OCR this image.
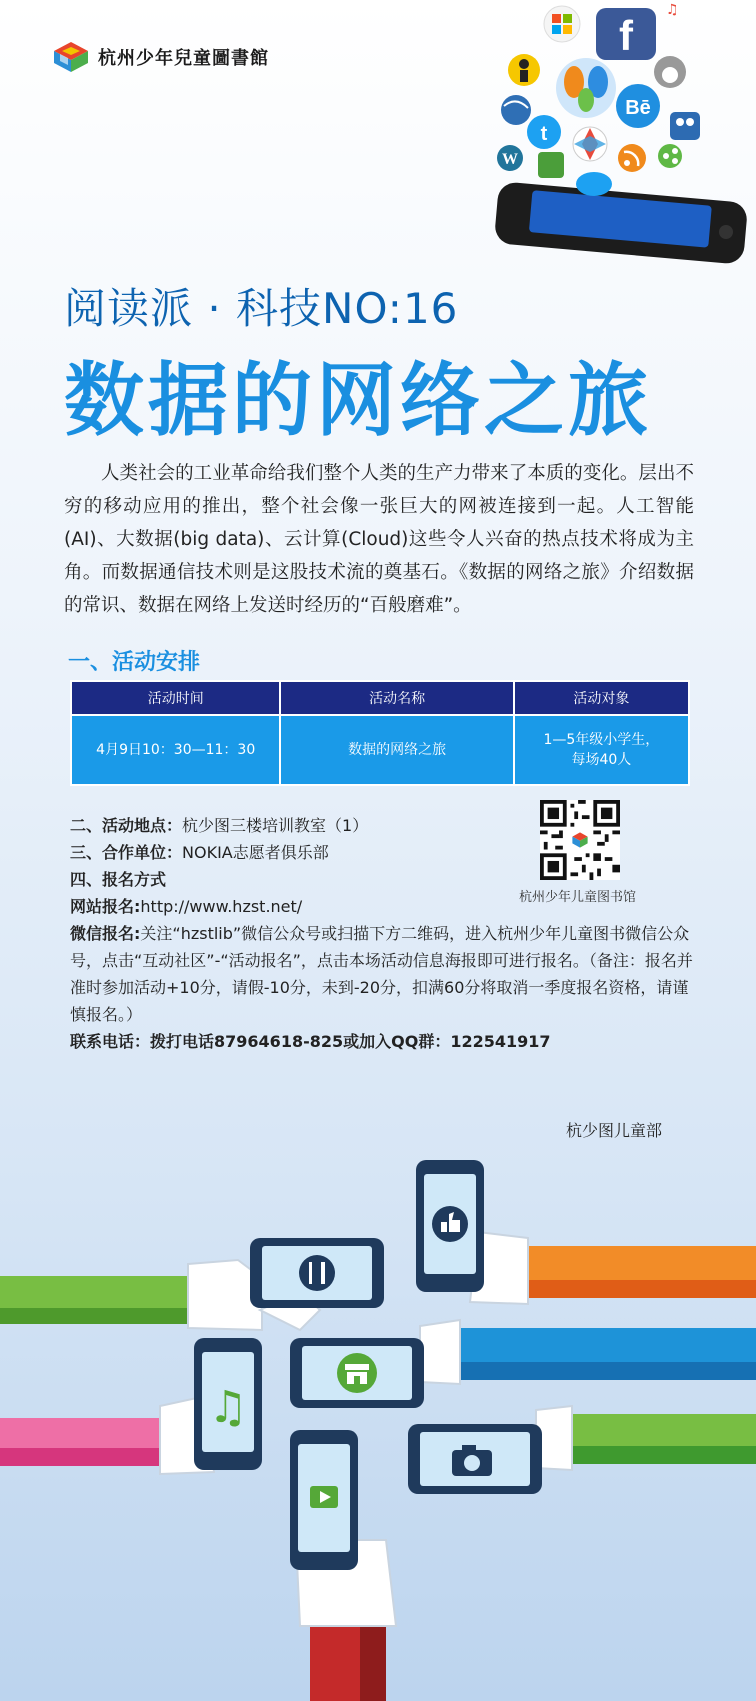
杭州少年兒童圖書館	f
Bē
t
W
♫
阅读派 · 科技NO:16
数据的网络之旅
人类社会的工业革命给我们整个人类的生产力带来了本质的变化。层出不穷的移动应用的推出，整个社会像一张巨大的网被连接到一起。人工智能(AI)、大数据(big data)、云计算(Cloud)这些令人兴奋的热点技术将成为主角。而数据通信技术则是这股技术流的奠基石。《数据的网络之旅》介绍数据的常识、数据在网络上发送时经历的“百般磨难”。
一、活动安排
活动时间	活动名称	活动对象
4月9日10：30—11：30	数据的网络之旅	1—5年级小学生，
每场40人

二、活动地点：杭少图三楼培训教室（1）

三、合作单位：NOKIA志愿者俱乐部

四、报名方式

网站报名:http://www.hzst.net/

微信报名:关注“hzstlib”微信公众号或扫描下方二维码，进入杭州少年儿童图书微信公众号，点击“互动社区”-“活动报名”，点击本场活动信息海报即可进行报名。（备注：报名并准时参加活动+10分，请假-10分，未到-20分，扣满60分将取消一季度报名资格，请谨慎报名。）

联系电话：拨打电话87964618-825或加入QQ群：122541917

杭州少年儿童图书馆
杭少图儿童部
♫
